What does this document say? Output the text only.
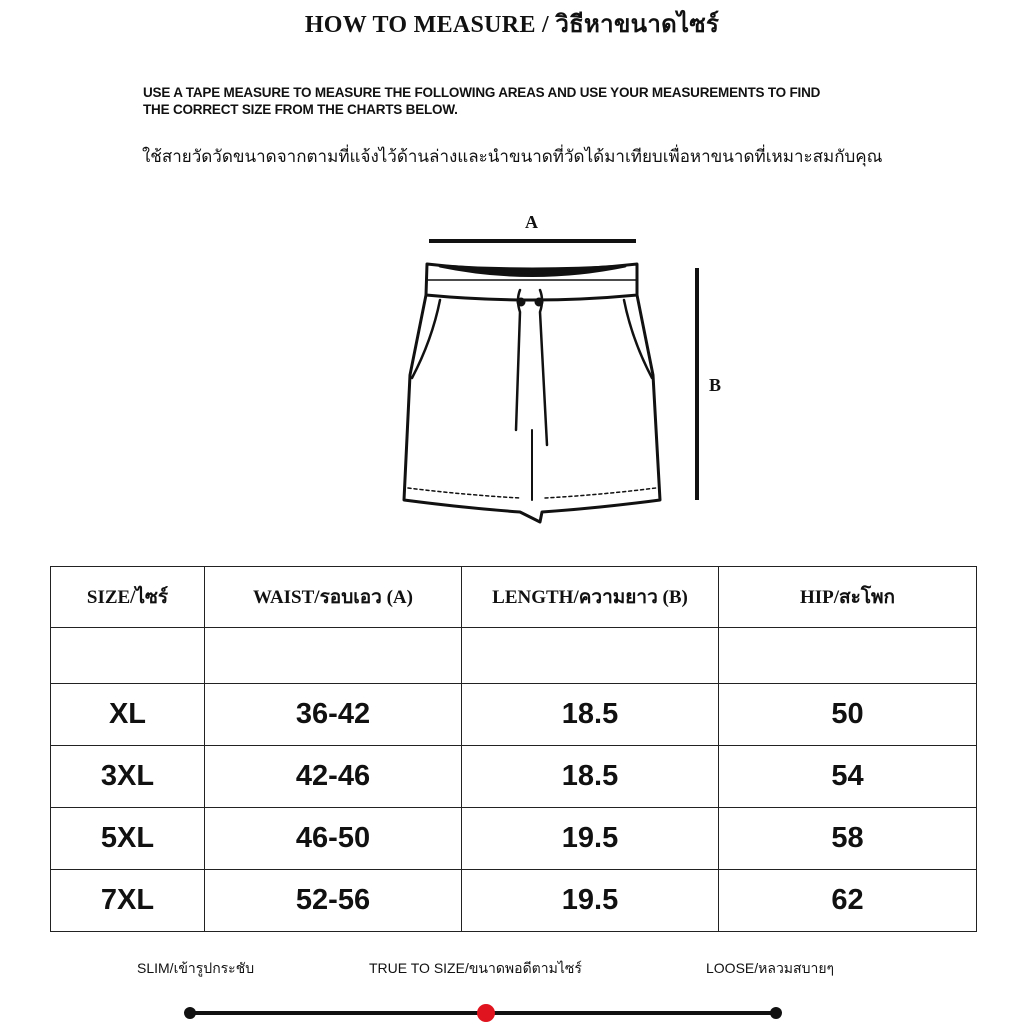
HOW TO MEASURE / วิธีหาขนาดไซร์
USE A TAPE MEASURE TO MEASURE THE FOLLOWING AREAS AND USE YOUR MEASUREMENTS TO FIND
THE CORRECT SIZE FROM THE CHARTS BELOW.
ใช้สายวัดวัดขนาดจากตามที่แจ้งไว้ด้านล่างและนำขนาดที่วัดได้มาเทียบเพื่อหาขนาดที่เหมาะสมกับคุณ
A
B
SIZE/ไซร์	WAIST/รอบเอว (A)	LENGTH/ความยาว (B)	HIP/สะโพก

XL	36-42	18.5	50
3XL	42-46	18.5	54
5XL	46-50	19.5	58
7XL	52-56	19.5	62
SLIM/เข้ารูปกระชับ	TRUE TO SIZE/ขนาดพอดีตามไซร์	LOOSE/หลวมสบายๆ
